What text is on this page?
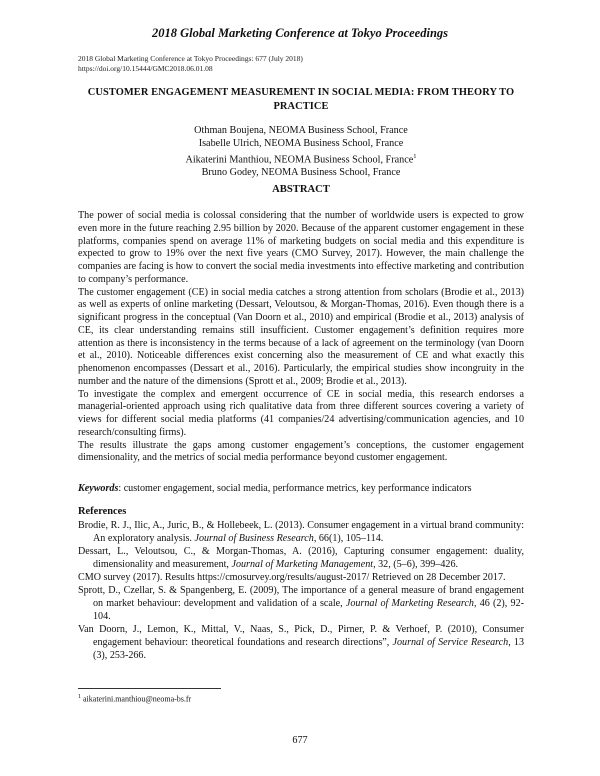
2018 Global Marketing Conference at Tokyo Proceedings
2018 Global Marketing Conference at Tokyo Proceedings: 677 (July 2018)
https://doi.org/10.15444/GMC2018.06.01.08
CUSTOMER ENGAGEMENT MEASUREMENT IN SOCIAL MEDIA: FROM THEORY TO PRACTICE
Othman Boujena, NEOMA Business School, France
Isabelle Ulrich, NEOMA Business School, France
Aikaterini Manthiou, NEOMA Business School, France$^1$
Bruno Godey, NEOMA Business School, France
ABSTRACT

The power of social media is colossal considering that the number of worldwide users is expected to grow even more in the future reaching 2.95 billion by 2020. Because of the apparent customer engagement in these platforms, companies spend on average 11% of marketing budgets on social media and this expenditure is expected to grow to 19% over the next five years (CMO Survey, 2017). However, the main challenge the companies are facing is how to convert the social media investments into effective marketing and contribution to company’s performance.

The customer engagement (CE) in social media catches a strong attention from scholars (Brodie et al., 2013) as well as experts of online marketing (Dessart, Veloutsou, & Morgan-Thomas, 2016). Even though there is a significant progress in the conceptual (Van Doorn et al., 2010) and empirical (Brodie et al., 2013) analysis of CE, its clear understanding remains still insufficient. Customer engagement’s definition requires more attention as there is inconsistency in the terms because of a lack of agreement on the terminology (van Doorn et al., 2010). Noticeable differences exist concerning also the measurement of CE and what exactly this phenomenon encompasses (Dessart et al., 2016). Particularly, the empirical studies show incongruity in the number and the nature of the dimensions (Sprott et al., 2009; Brodie et al., 2013).

To investigate the complex and emergent occurrence of CE in social media, this research endorses a managerial-oriented approach using rich qualitative data from three different sources covering a variety of views for different social media platforms (41 companies/24 advertising/communication agencies, and 10 research/consulting firms).

The results illustrate the gaps among customer engagement’s conceptions, the customer engagement dimensionality, and the metrics of social media performance beyond customer engagement.

Keywords: customer engagement, social media, performance metrics, key performance indicators
References

Brodie, R. J., Ilic, A., Juric, B., & Hollebeek, L. (2013). Consumer engagement in a virtual brand community: An exploratory analysis. Journal of Business Research, 66(1), 105–114.

Dessart, L., Veloutsou, C., & Morgan-Thomas, A. (2016), Capturing consumer engagement: duality, dimensionality and measurement, Journal of Marketing Management, 32, (5–6), 399–426.

CMO survey (2017). Results https://cmosurvey.org/results/august-2017/ Retrieved on 28 December 2017.

Sprott, D., Czellar, S. & Spangenberg, E. (2009), The importance of a general measure of brand engagement on market behaviour: development and validation of a scale, Journal of Marketing Research, 46 (2), 92-104.

Van Doorn, J., Lemon, K., Mittal, V., Naas, S., Pick, D., Pirner, P. & Verhoef, P. (2010), Consumer engagement behaviour: theoretical foundations and research directions”, Journal of Service Research, 13 (3), 253-266.

$^1$ aikaterini.manthiou@neoma-bs.fr
677
